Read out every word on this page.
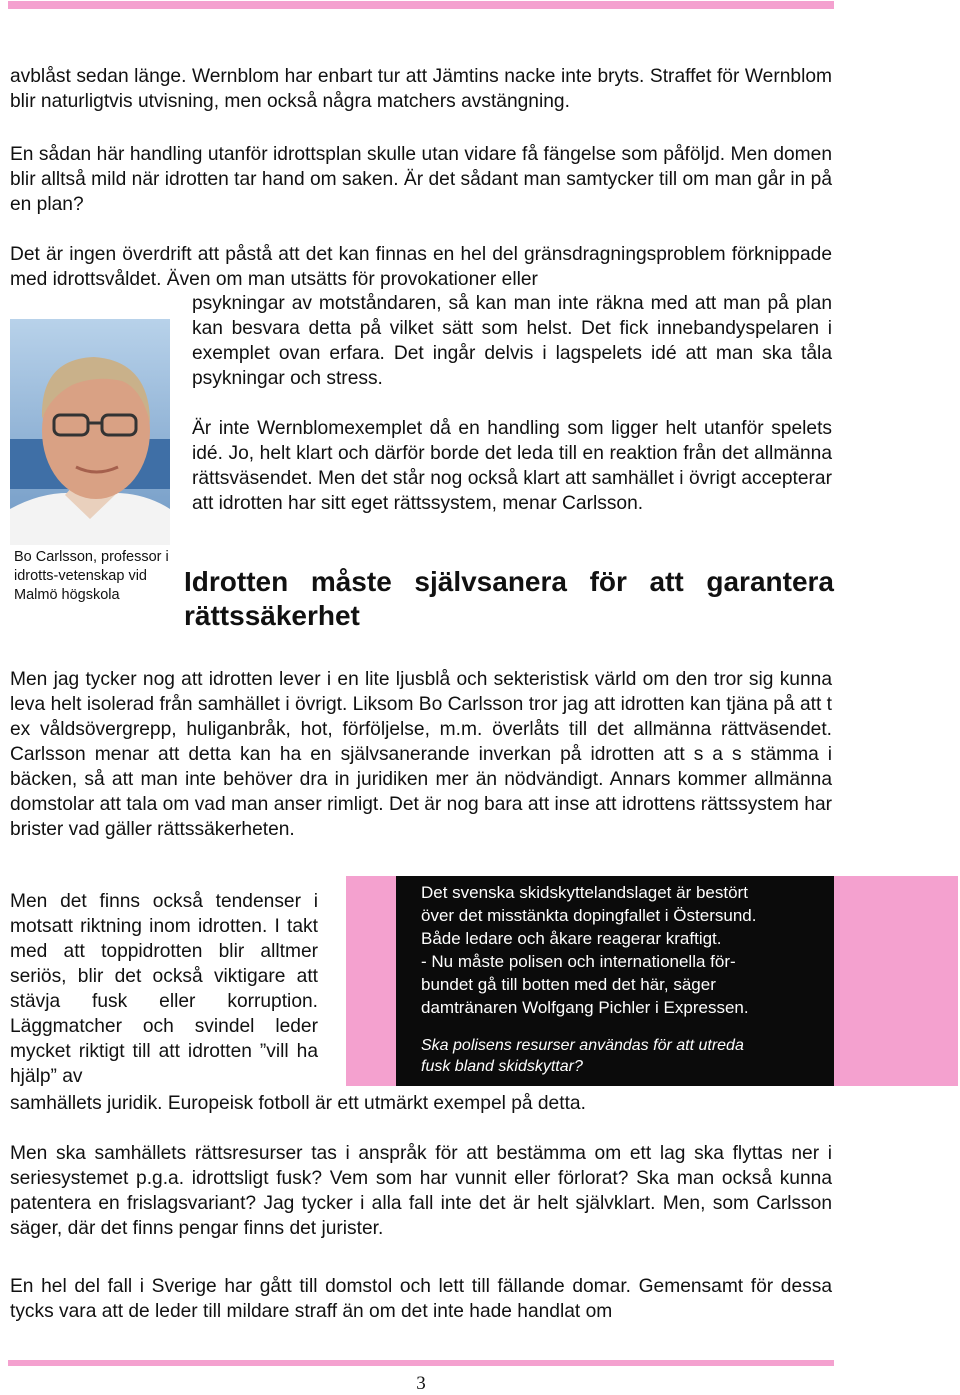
avblåst sedan länge. Wernblom har enbart tur att Jämtins nacke inte bryts. Straffet för Wernblom blir naturligtvis utvisning, men också några matchers avstängning.

En sådan här handling utanför idrottsplan skulle utan vidare få fängelse som påföljd. Men domen blir alltså mild när idrotten tar hand om saken. Är det sådant man samtycker till om man går in på en plan?

Det är ingen överdrift att påstå att det kan finnas en hel del gränsdragningsproblem förknippade med idrottsvåldet. Även om man utsätts för provokationer eller

psykningar av motståndaren, så kan man inte räkna med att man på plan kan besvara detta på vilket sätt som helst. Det fick innebandyspelaren i exemplet ovan erfara. Det ingår delvis i lagspelets idé att man ska tåla psykningar och stress.

Är inte Wernblomexemplet då en handling som ligger helt utanför spelets idé. Jo, helt klart och därför borde det leda till en reaktion från det allmänna rättsväsendet. Men det står nog också klart att samhället i övrigt accepterar att idrotten har sitt eget rättssystem, menar Carlsson.

Bo Carlsson, professor i idrotts-vetenskap vid Malmö högskola	Idrotten måste självsanera för att garantera rättssäkerhet

Men jag tycker nog att idrotten lever i en lite ljusblå och sekteristisk värld om den tror sig kunna leva helt isolerad från samhället i övrigt. Liksom Bo Carlsson tror jag att idrotten kan tjäna på att t ex våldsövergrepp, huliganbråk, hot, förföljelse, m.m. överlåts till det allmänna rättväsendet. Carlsson menar att detta kan ha en självsanerande inverkan på idrotten att s a s stämma i bäcken, så att man inte behöver dra in juridiken mer än nödvändigt. Annars kommer allmänna domstolar att tala om vad man anser rimligt. Det är nog bara att inse att idrottens rättssystem har brister vad gäller rättssäkerheten.

Men det finns också tendenser i motsatt riktning inom idrotten. I takt med att toppidrotten blir alltmer seriös, blir det också viktigare att stävja fusk eller korruption. Läggmatcher och svindel leder mycket riktigt till att idrotten ”vill ha hjälp” av

samhällets juridik. Europeisk fotboll är ett utmärkt exempel på detta.

Det svenska skidskyttelandslaget är bestört
över det misstänkta dopingfallet i Östersund.
Både ledare och åkare reagerar kraftigt.
- Nu måste polisen och internationella för-
bundet gå till botten med det här, säger
damtränaren Wolfgang Pichler i Expressen.
Ska polisens resurser användas för att utreda
fusk bland skidskyttar?

Men ska samhällets rättsresurser tas i anspråk för att bestämma om ett lag ska flyttas ner i seriesystemet p.g.a. idrottsligt fusk? Vem som har vunnit eller förlorat? Ska man också kunna patentera en frislagsvariant? Jag tycker i alla fall inte det är helt självklart. Men, som Carlsson säger, där det finns pengar finns det jurister.

En hel del fall i Sverige har gått till domstol och lett till fällande domar. Gemensamt för dessa tycks vara att de leder till mildare straff än om det inte hade handlat om

3
